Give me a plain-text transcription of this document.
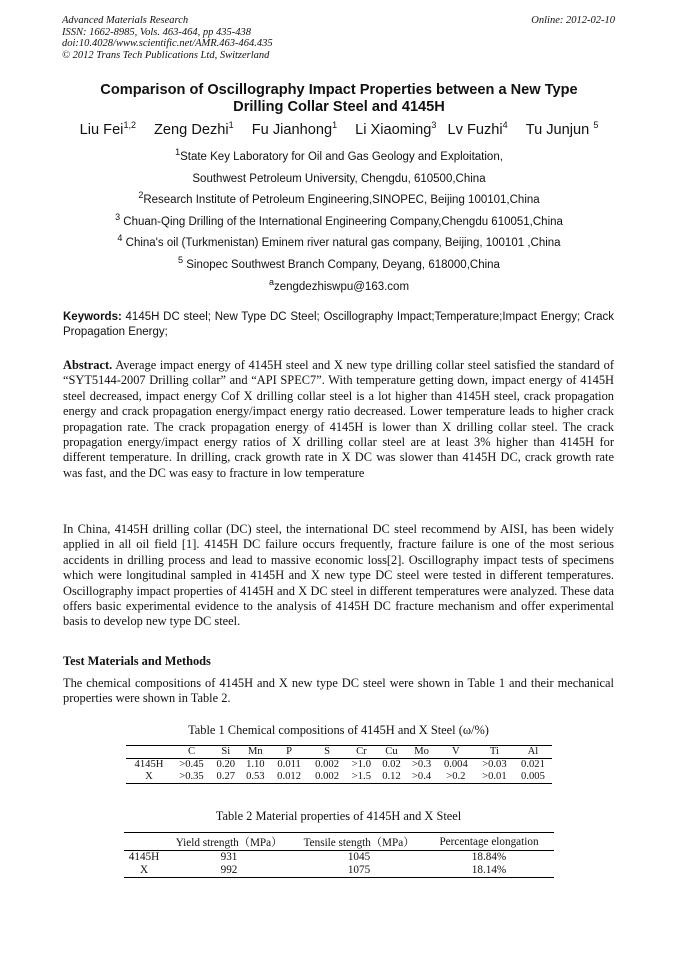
Advanced Materials Research
ISSN: 1662-8985, Vols. 463-464, pp 435-438
doi:10.4028/www.scientific.net/AMR.463-464.435
© 2012 Trans Tech Publications Ltd, Switzerland
Online: 2012-02-10
Comparison of Oscillography Impact Properties between a New Type
Drilling Collar Steel and 4145H
Liu Fei$^{1,2}$ Zeng Dezhi$^1$ Fu Jianhong$^1$ Li Xiaoming$^3$ Lv Fuzhi$^4$ Tu Junjun $^5$
$^1$State Key Laboratory for Oil and Gas Geology and Exploitation,
Southwest Petroleum University, Chengdu, 610500,China
$^2$Research Institute of Petroleum Engineering,SINOPEC, Beijing 100101,China
$^3$ Chuan-Qing Drilling of the International Engineering Company,Chengdu 610051,China
$^4$ China's oil (Turkmenistan) Eminem river natural gas company, Beijing, 100101 ,China
$^5$ Sinopec Southwest Branch Company, Deyang, 618000,China
$^a$zengdezhiswpu@163.com
Keywords: 4145H DC steel; New Type DC Steel; Oscillography Impact;Temperature;Impact Energy; Crack Propagation Energy;
Abstract. Average impact energy of 4145H steel and X new type drilling collar steel satisfied the standard of “SYT5144-2007 Drilling collar” and “API SPEC7”. With temperature getting down, impact energy of 4145H steel decreased, impact energy Cof X drilling collar steel is a lot higher than 4145H steel, crack propagation energy and crack propagation energy/impact energy ratio decreased. Lower temperature leads to higher crack propagation rate. The crack propagation energy of 4145H is lower than X drilling collar steel. The crack propagation energy/impact energy ratios of X drilling collar steel are at least 3% higher than 4145H for different temperature. In drilling, crack growth rate in X DC was slower than 4145H DC, crack growth rate was fast, and the DC was easy to fracture in low temperature
In China, 4145H drilling collar (DC) steel, the international DC steel recommend by AISI, has been widely applied in all oil field [1]. 4145H DC failure occurs frequently, fracture failure is one of the most serious accidents in drilling process and lead to massive economic loss[2]. Oscillography impact tests of specimens which were longitudinal sampled in 4145H and X new type DC steel were tested in different temperatures. Oscillography impact properties of 4145H and X DC steel in different temperatures were analyzed. These data offers basic experimental evidence to the analysis of 4145H DC fracture mechanism and offer experimental basis to develop new type DC steel.
Test Materials and Methods
The chemical compositions of 4145H and X new type DC steel were shown in Table 1 and their mechanical properties were shown in Table 2.
Table 1 Chemical compositions of 4145H and X Steel (ω/%)
	C	Si	Mn	P	S	Cr	Cu	Mo	V	Ti	Al
4145H	>0.45	0.20	1.10	0.011	0.002	>1.0	0.02	>0.3	0.004	>0.03	0.021
X	>0.35	0.27	0.53	0.012	0.002	>1.5	0.12	>0.4	>0.2	>0.01	0.005
Table 2 Material properties of 4145H and X Steel
	Yield strength（MPa）	Tensile stength（MPa）	Percentage elongation
4145H	931	1045	18.84%
X	992	1075	18.14%
